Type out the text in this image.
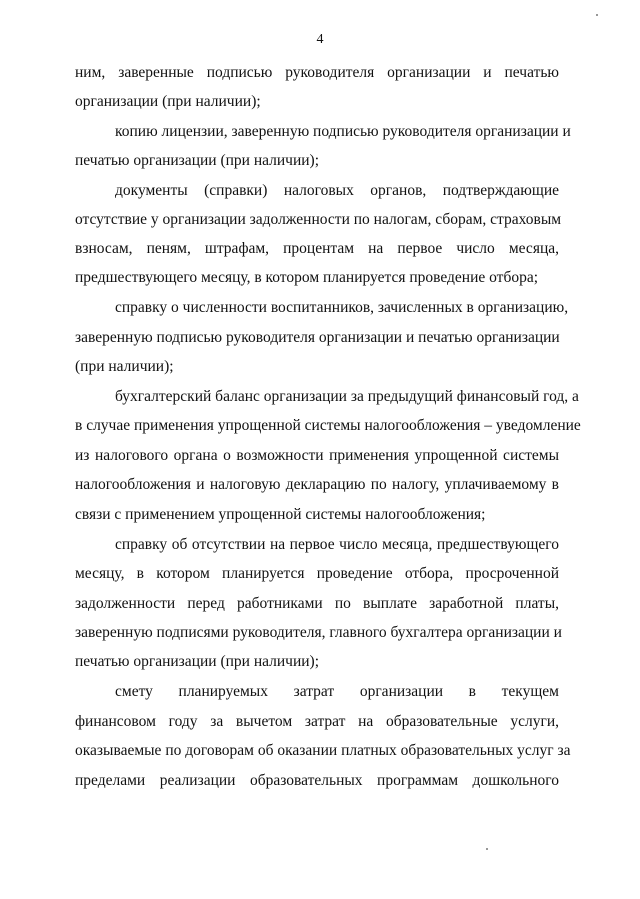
4
ним, заверенные подписью руководителя организации и печатью
организации (при наличии);
копию лицензии, заверенную подписью руководителя организации и
печатью организации (при наличии);
документы (справки) налоговых органов, подтверждающие
отсутствие у организации задолженности по налогам, сборам, страховым
взносам, пеням, штрафам, процентам на первое число месяца,
предшествующего месяцу, в котором планируется проведение отбора;
справку о численности воспитанников, зачисленных в организацию,
заверенную подписью руководителя организации и печатью организации
(при наличии);
бухгалтерский баланс организации за предыдущий финансовый год, а
в случае применения упрощенной системы налогообложения – уведомление
из налогового органа о возможности применения упрощенной системы
налогообложения и налоговую декларацию по налогу, уплачиваемому в
связи с применением упрощенной системы налогообложения;
справку об отсутствии на первое число месяца, предшествующего
месяцу, в котором планируется проведение отбора, просроченной
задолженности перед работниками по выплате заработной платы,
заверенную подписями руководителя, главного бухгалтера организации и
печатью организации (при наличии);
смету планируемых затрат организации в текущем
финансовом году за вычетом затрат на образовательные услуги,
оказываемые по договорам об оказании платных образовательных услуг за
пределами реализации образовательных программам дошкольного
